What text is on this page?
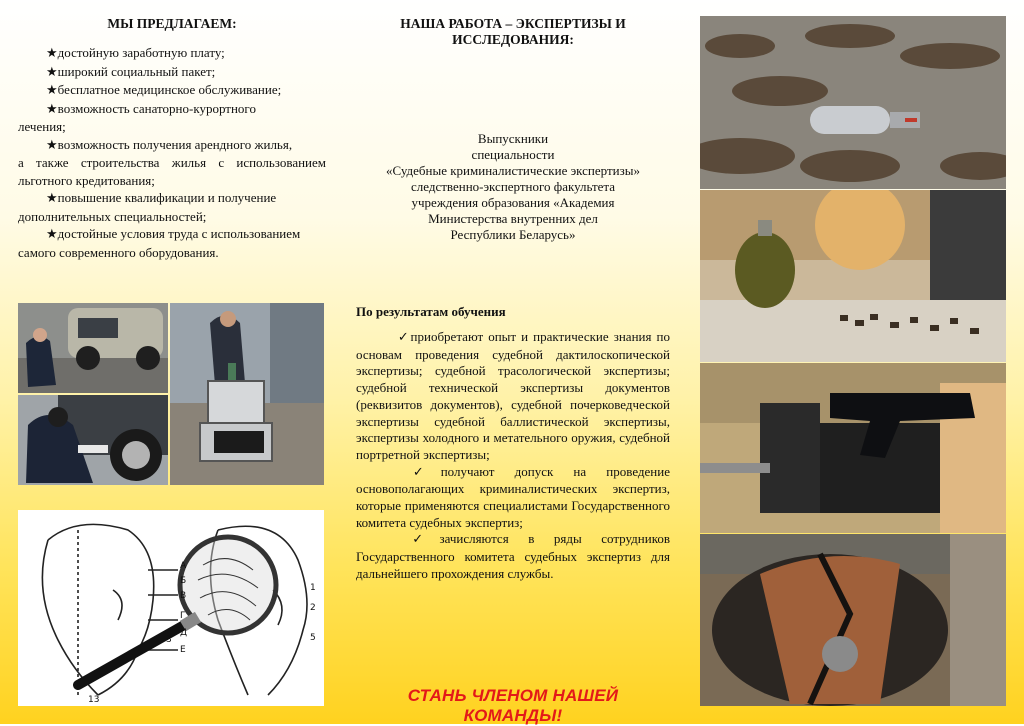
МЫ ПРЕДЛАГАЕМ:

★достойную заработную плату;

★широкий социальный пакет;

★бесплатное медицинское обслуживание;

★возможность санаторно-курортного
лечения;

★возможность получения арендного жилья,
а также строительства жилья с использованием льготного кредитования;

★повышение квалификации и получение
дополнительных специальностей;

★достойные условия труда с использованием
самого современного оборудования.

А
Б
В
Г
Д
Е
1
2
3	5
13
НАША РАБОТА – ЭКСПЕРТИЗЫ И ИССЛЕДОВАНИЯ:
Выпускники
специальности
«Судебные криминалистические экспертизы»
следственно-экспертного факультета
учреждения образования «Академия
Министерства внутренних дел
Республики Беларусь»
По результатам обучения

✓приобретают опыт и практические знания по основам проведения судебной дактилоскопической экспертизы; судебной трасологической экспертизы; судебной технической экспертизы документов (реквизитов документов), судебной почерковедческой экспертизы судебной баллистической экспертизы, экспертизы холодного и метательного оружия, судебной портретной экспертизы;

✓получают допуск на проведение основополагающих криминалистических экспертиз, которые применяются специалистами Государственного комитета судебных экспертиз;

✓зачисляются в ряды сотрудников Государственного комитета судебных экспертиз для дальнейшего прохождения службы.

СТАНЬ ЧЛЕНОМ НАШЕЙ КОМАНДЫ!
